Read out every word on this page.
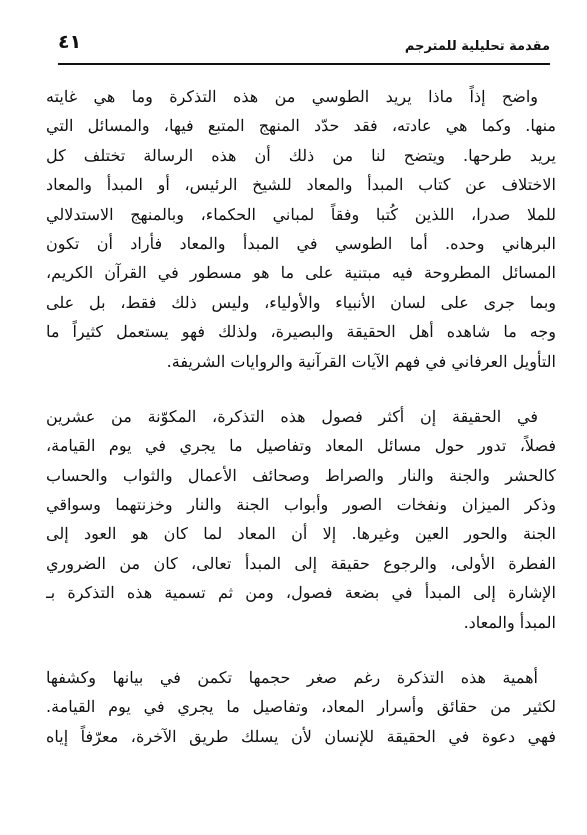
مقدمة تحليلية للمترجم
٤١
واضح إذاً ماذا يريد الطوسي من هذه التذكرة وما هي غايته
منها. وكما هي عادته، فقد حدّد المنهج المتبع فيها، والمسائل التي
يريد طرحها. ويتضح لنا من ذلك أن هذه الرسالة تختلف كل
الاختلاف عن كتاب المبدأ والمعاد للشيخ الرئيس، أو المبدأ والمعاد
للملا صدرا، اللذين كُتبا وفقاً لمباني الحكماء، وبالمنهج الاستدلالي
البرهاني وحده. أما الطوسي في المبدأ والمعاد فأراد أن تكون
المسائل المطروحة فيه مبتنية على ما هو مسطور في القرآن الكريم،
وبما جرى على لسان الأنبياء والأولياء، وليس ذلك فقط، بل على
وجه ما شاهده أهل الحقيقة والبصيرة، ولذلك فهو يستعمل كثيراً ما
التأويل العرفاني في فهم الآيات القرآنية والروايات الشريفة.
في الحقيقة إن أكثر فصول هذه التذكرة، المكوّنة من عشرين
فصلاً، تدور حول مسائل المعاد وتفاصيل ما يجري في يوم القيامة،
كالحشر والجنة والنار والصراط وصحائف الأعمال والثواب والحساب
وذكر الميزان ونفخات الصور وأبواب الجنة والنار وخزنتهما وسواقي
الجنة والحور العين وغيرها. إلا أن المعاد لما كان هو العود إلى
الفطرة الأولى، والرجوع حقيقة إلى المبدأ تعالى، كان من الضروري
الإشارة إلى المبدأ في بضعة فصول، ومن ثم تسمية هذه التذكرة بـ
المبدأ والمعاد.
أهمية هذه التذكرة رغم صغر حجمها تكمن في بيانها وكشفها
لكثير من حقائق وأسرار المعاد، وتفاصيل ما يجري في يوم القيامة.
فهي دعوة في الحقيقة للإنسان لأن يسلك طريق الآخرة، معرّفاً إياه
